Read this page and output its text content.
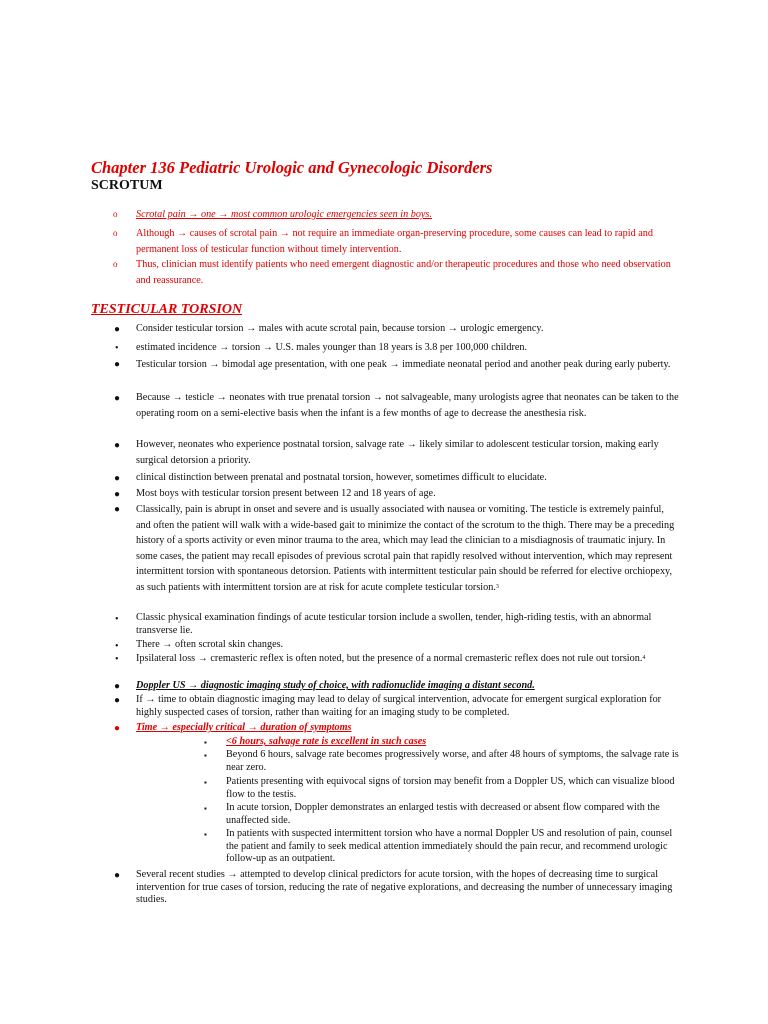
Chapter 136 Pediatric Urologic and Gynecologic Disorders
SCROTUM
o Scrotal pain → one → most common urologic emergencies seen in boys.
o Although → causes of scrotal pain → not require an immediate organ-preserving procedure, some causes can lead to rapid and permanent loss of testicular function without timely intervention.
o Thus, clinician must identify patients who need emergent diagnostic and/or therapeutic procedures and those who need observation and reassurance.
TESTICULAR TORSION
● Consider testicular torsion → males with acute scrotal pain, because torsion → urologic emergency.
• estimated incidence → torsion → U.S. males younger than 18 years is 3.8 per 100,000 children.
● Testicular torsion → bimodal age presentation, with one peak → immediate neonatal period and another peak during early puberty.
● Because → testicle → neonates with true prenatal torsion → not salvageable, many urologists agree that neonates can be taken to the operating room on a semi-elective basis when the infant is a few months of age to decrease the anesthesia risk.
● However, neonates who experience postnatal torsion, salvage rate → likely similar to adolescent testicular torsion, making early surgical detorsion a priority.
● clinical distinction between prenatal and postnatal torsion, however, sometimes difficult to elucidate.
● Most boys with testicular torsion present between 12 and 18 years of age.
● Classically, pain is abrupt in onset and severe and is usually associated with nausea or vomiting. The testicle is extremely painful, and often the patient will walk with a wide-based gait to minimize the contact of the scrotum to the thigh. There may be a preceding history of a sports activity or even minor trauma to the area, which may lead the clinician to a misdiagnosis of traumatic injury. In some cases, the patient may recall episodes of previous scrotal pain that rapidly resolved without intervention, which may represent intermittent torsion with spontaneous detorsion. Patients with intermittent testicular pain should be referred for elective orchiopexy, as such patients with intermittent torsion are at risk for acute complete testicular torsion.$^3$
• Classic physical examination findings of acute testicular torsion include a swollen, tender, high-riding testis, with an abnormal transverse lie.
• There → often scrotal skin changes.
• Ipsilateral loss → cremasteric reflex is often noted, but the presence of a normal cremasteric reflex does not rule out torsion.$^4$
● Doppler US → diagnostic imaging study of choice, with radionuclide imaging a distant second.
● If → time to obtain diagnostic imaging may lead to delay of surgical intervention, advocate for emergent surgical exploration for highly suspected cases of torsion, rather than waiting for an imaging study to be completed.
● Time → especially critical → duration of symptoms
▪ <6 hours, salvage rate is excellent in such cases
▪ Beyond 6 hours, salvage rate becomes progressively worse, and after 48 hours of symptoms, the salvage rate is near zero.
▪ Patients presenting with equivocal signs of torsion may benefit from a Doppler US, which can visualize blood flow to the testis.
▪ In acute torsion, Doppler demonstrates an enlarged testis with decreased or absent flow compared with the unaffected side.
▪ In patients with suspected intermittent torsion who have a normal Doppler US and resolution of pain, counsel the patient and family to seek medical attention immediately should the pain recur, and recommend urologic follow-up as an outpatient.
● Several recent studies → attempted to develop clinical predictors for acute torsion, with the hopes of decreasing time to surgical intervention for true cases of torsion, reducing the rate of negative explorations, and decreasing the number of unnecessary imaging studies.
